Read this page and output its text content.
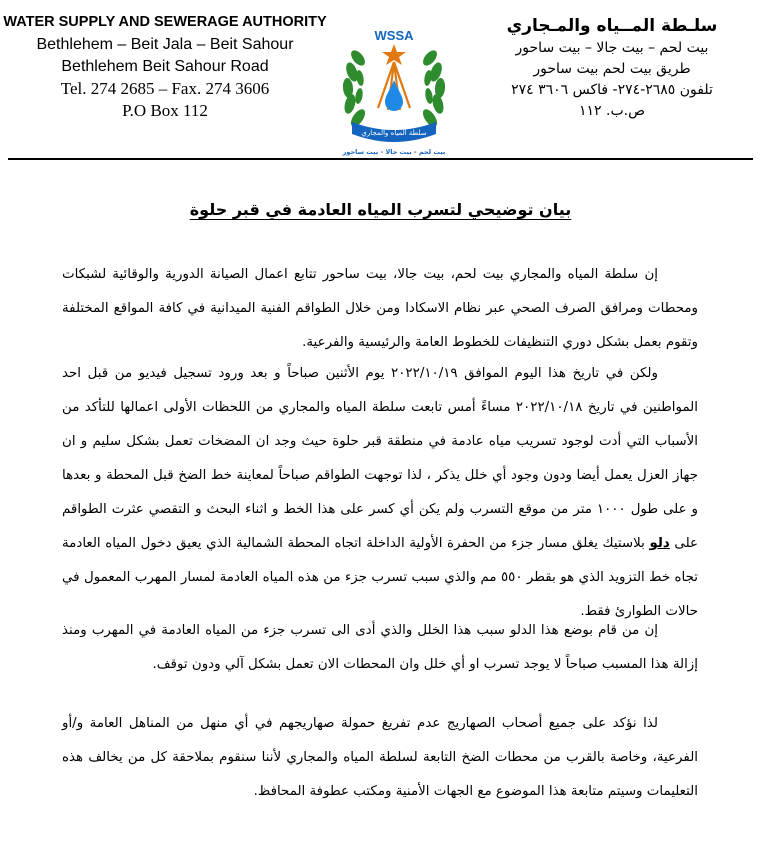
WATER SUPPLY AND SEWERAGE AUTHORITY
Bethlehem – Beit Jala – Beit Sahour
Bethlehem Beit Sahour Road
Tel. 274 2685 – Fax. 274 3606
P.O Box 112
WSSA
سلطة المياه والمجاري
بيت لحم - بيت جالا - بيت ساحور
سلـطة المــياه والمـجاري
بيت لحم – بيت جالا – بيت ساحور
طريق بيت لحم بيت ساحور
تلفون ٢٦٨٥-٢٧٤- فاكس ٣٦٠٦ ٢٧٤
ص.ب. ١١٢
بيان توضيحي لتسرب المياه العادمة في قبر حلوة

إن سلطة المياه والمجاري بيت لحم، بيت جالا، بيت ساحور تتابع اعمال الصيانة الدورية والوقائية لشبكات ومحطات ومرافق الصرف الصحي عبر نظام الاسكادا ومن خلال الطواقم الفنية الميدانية في كافة المواقع المختلفة وتقوم بعمل بشكل دوري التنظيفات للخطوط العامة والرئيسية والفرعية.

ولكن في تاريخ هذا اليوم الموافق ٢٠٢٢/١٠/١٩ يوم الأثنين صباحاً و بعد ورود تسجيل فيديو من قبل احد المواطنين في تاريخ ٢٠٢٢/١٠/١٨ مساءً أمس تابعت سلطة المياه والمجاري من اللحظات الأولى اعمالها للتأكد من الأسباب التي أدت لوجود تسريب مياه عادمة في منطقة قبر حلوة حيث وجد ان المضخات تعمل بشكل سليم و ان جهاز العزل يعمل أيضا ودون وجود أي خلل يذكر ، لذا توجهت الطواقم صباحاً لمعاينة خط الضخ قبل المحطة و بعدها و على طول ١٠٠٠ متر من موقع التسرب ولم يكن أي كسر على هذا الخط و اثناء البحث و التقصي عثرت الطواقم على دلو بلاستيك يغلق مسار جزء من الحفرة الأولية الداخلة اتجاه المحطة الشمالية الذي يعيق دخول المياه العادمة تجاه خط التزويد الذي هو بقطر ٥٥٠ مم والذي سبب تسرب جزء من هذه المياه العادمة لمسار المهرب المعمول في حالات الطوارئ فقط.

إن من قام بوضع هذا الدلو سبب هذا الخلل والذي أدى الى تسرب جزء من المياه العادمة في المهرب ومنذ إزالة هذا المسبب صباحاً لا يوجد تسرب او أي خلل وان المحطات الان تعمل بشكل آلي ودون توقف.

لذا نؤكد على جميع أصحاب الصهاريج عدم تفريغ حمولة صهاريجهم في أي منهل من المناهل العامة و/أو الفرعية، وخاصة بالقرب من محطات الضخ التابعة لسلطة المياه والمجاري لأننا سنقوم بملاحقة كل من يخالف هذه التعليمات وسيتم متابعة هذا الموضوع مع الجهات الأمنية ومكتب عطوفة المحافظ.
